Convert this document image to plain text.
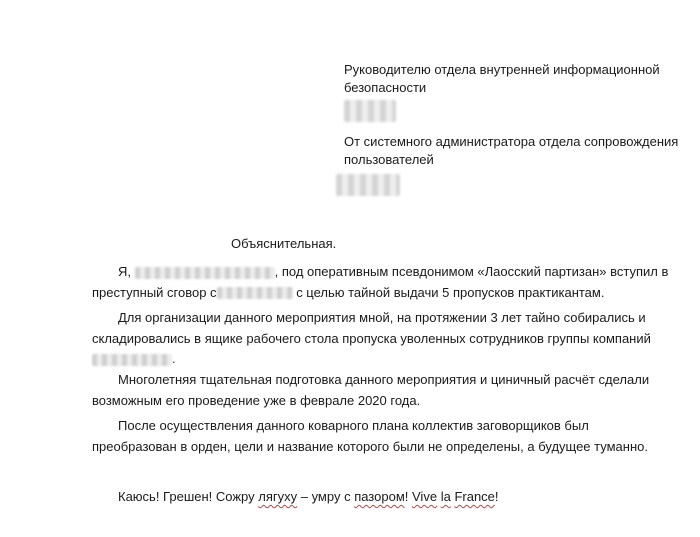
Руководителю отдела внутренней информационной
безопасности
От системного администратора отдела сопровождения
пользователей
Объяснительная.

Я,	, под оперативным псевдонимом «Лаосский партизан» вступил в преступный сговор с	с целью тайной выдачи 5 пропусков практикантам.

Для организации данного мероприятия мной, на протяжении 3 лет тайно собирались и складировались в ящике рабочего стола пропуска уволенных сотрудников группы компаний .

Многолетняя тщательная подготовка данного мероприятия и циничный расчёт сделали возможным его проведение уже в феврале 2020 года.

После осуществления данного коварного плана коллектив заговорщиков был преобразован в орден, цели и название которого были не определены, а будущее туманно.

Каюсь! Грешен! Сожру лягуху – умру с пазором! Vive la France!
